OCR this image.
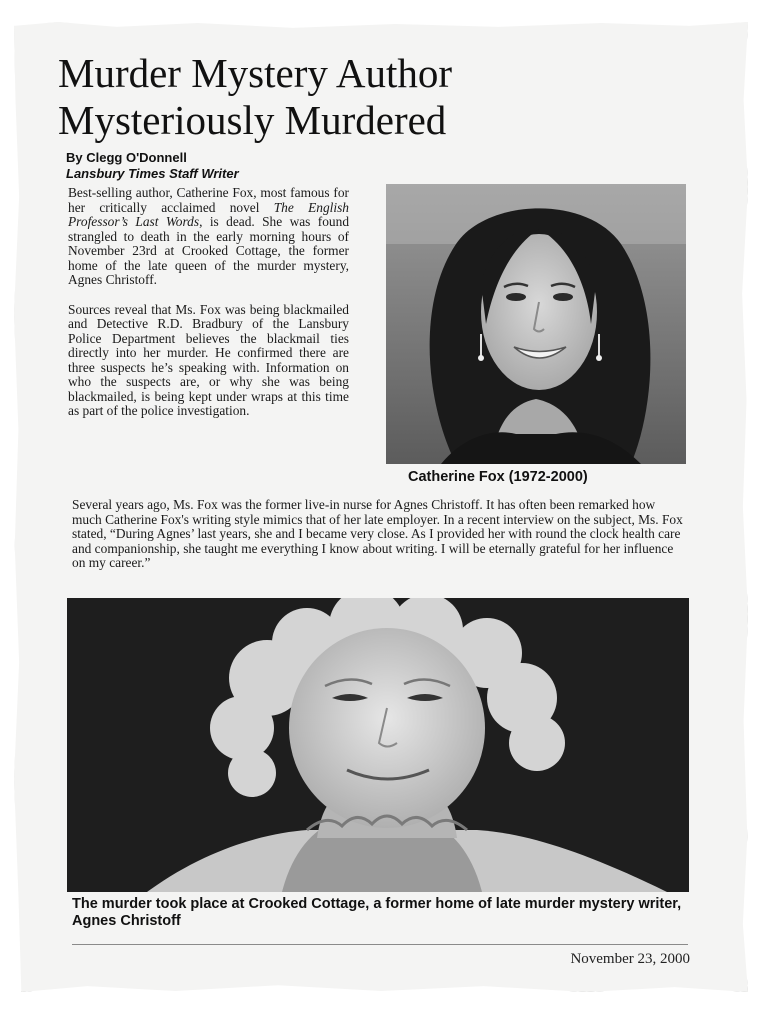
Murder Mystery Author
Mysteriously Murdered
By Clegg O'Donnell
Lansbury Times Staff Writer

Best-selling author, Catherine Fox, most famous for her critically acclaimed novel The English Professor’s Last Words, is dead. She was found strangled to death in the early morning hours of November 23rd at Crooked Cottage, the former home of the late queen of the murder mystery, Agnes Christoff.

Sources reveal that Ms. Fox was being blackmailed and Detective R.D. Bradbury of the Lansbury Police Department believes the blackmail ties directly into her murder. He confirmed there are three suspects he’s speaking with. Information on who the suspects are, or why she was being blackmailed, is being kept under wraps at this time as part of the police investigation.

Catherine Fox (1972-2000)

Several years ago, Ms. Fox was the former live-in nurse for Agnes Christoff. It has often been remarked how much Catherine Fox's writing style mimics that of her late employer. In a recent interview on the subject, Ms. Fox stated, “During Agnes’ last years, she and I became very close. As I provided her with round the clock health care and companionship, she taught me everything I know about writing. I will be eternally grateful for her influence on my career.”

The murder took place at Crooked Cottage, a former home of late murder mystery writer, Agnes Christoff
November 23, 2000
